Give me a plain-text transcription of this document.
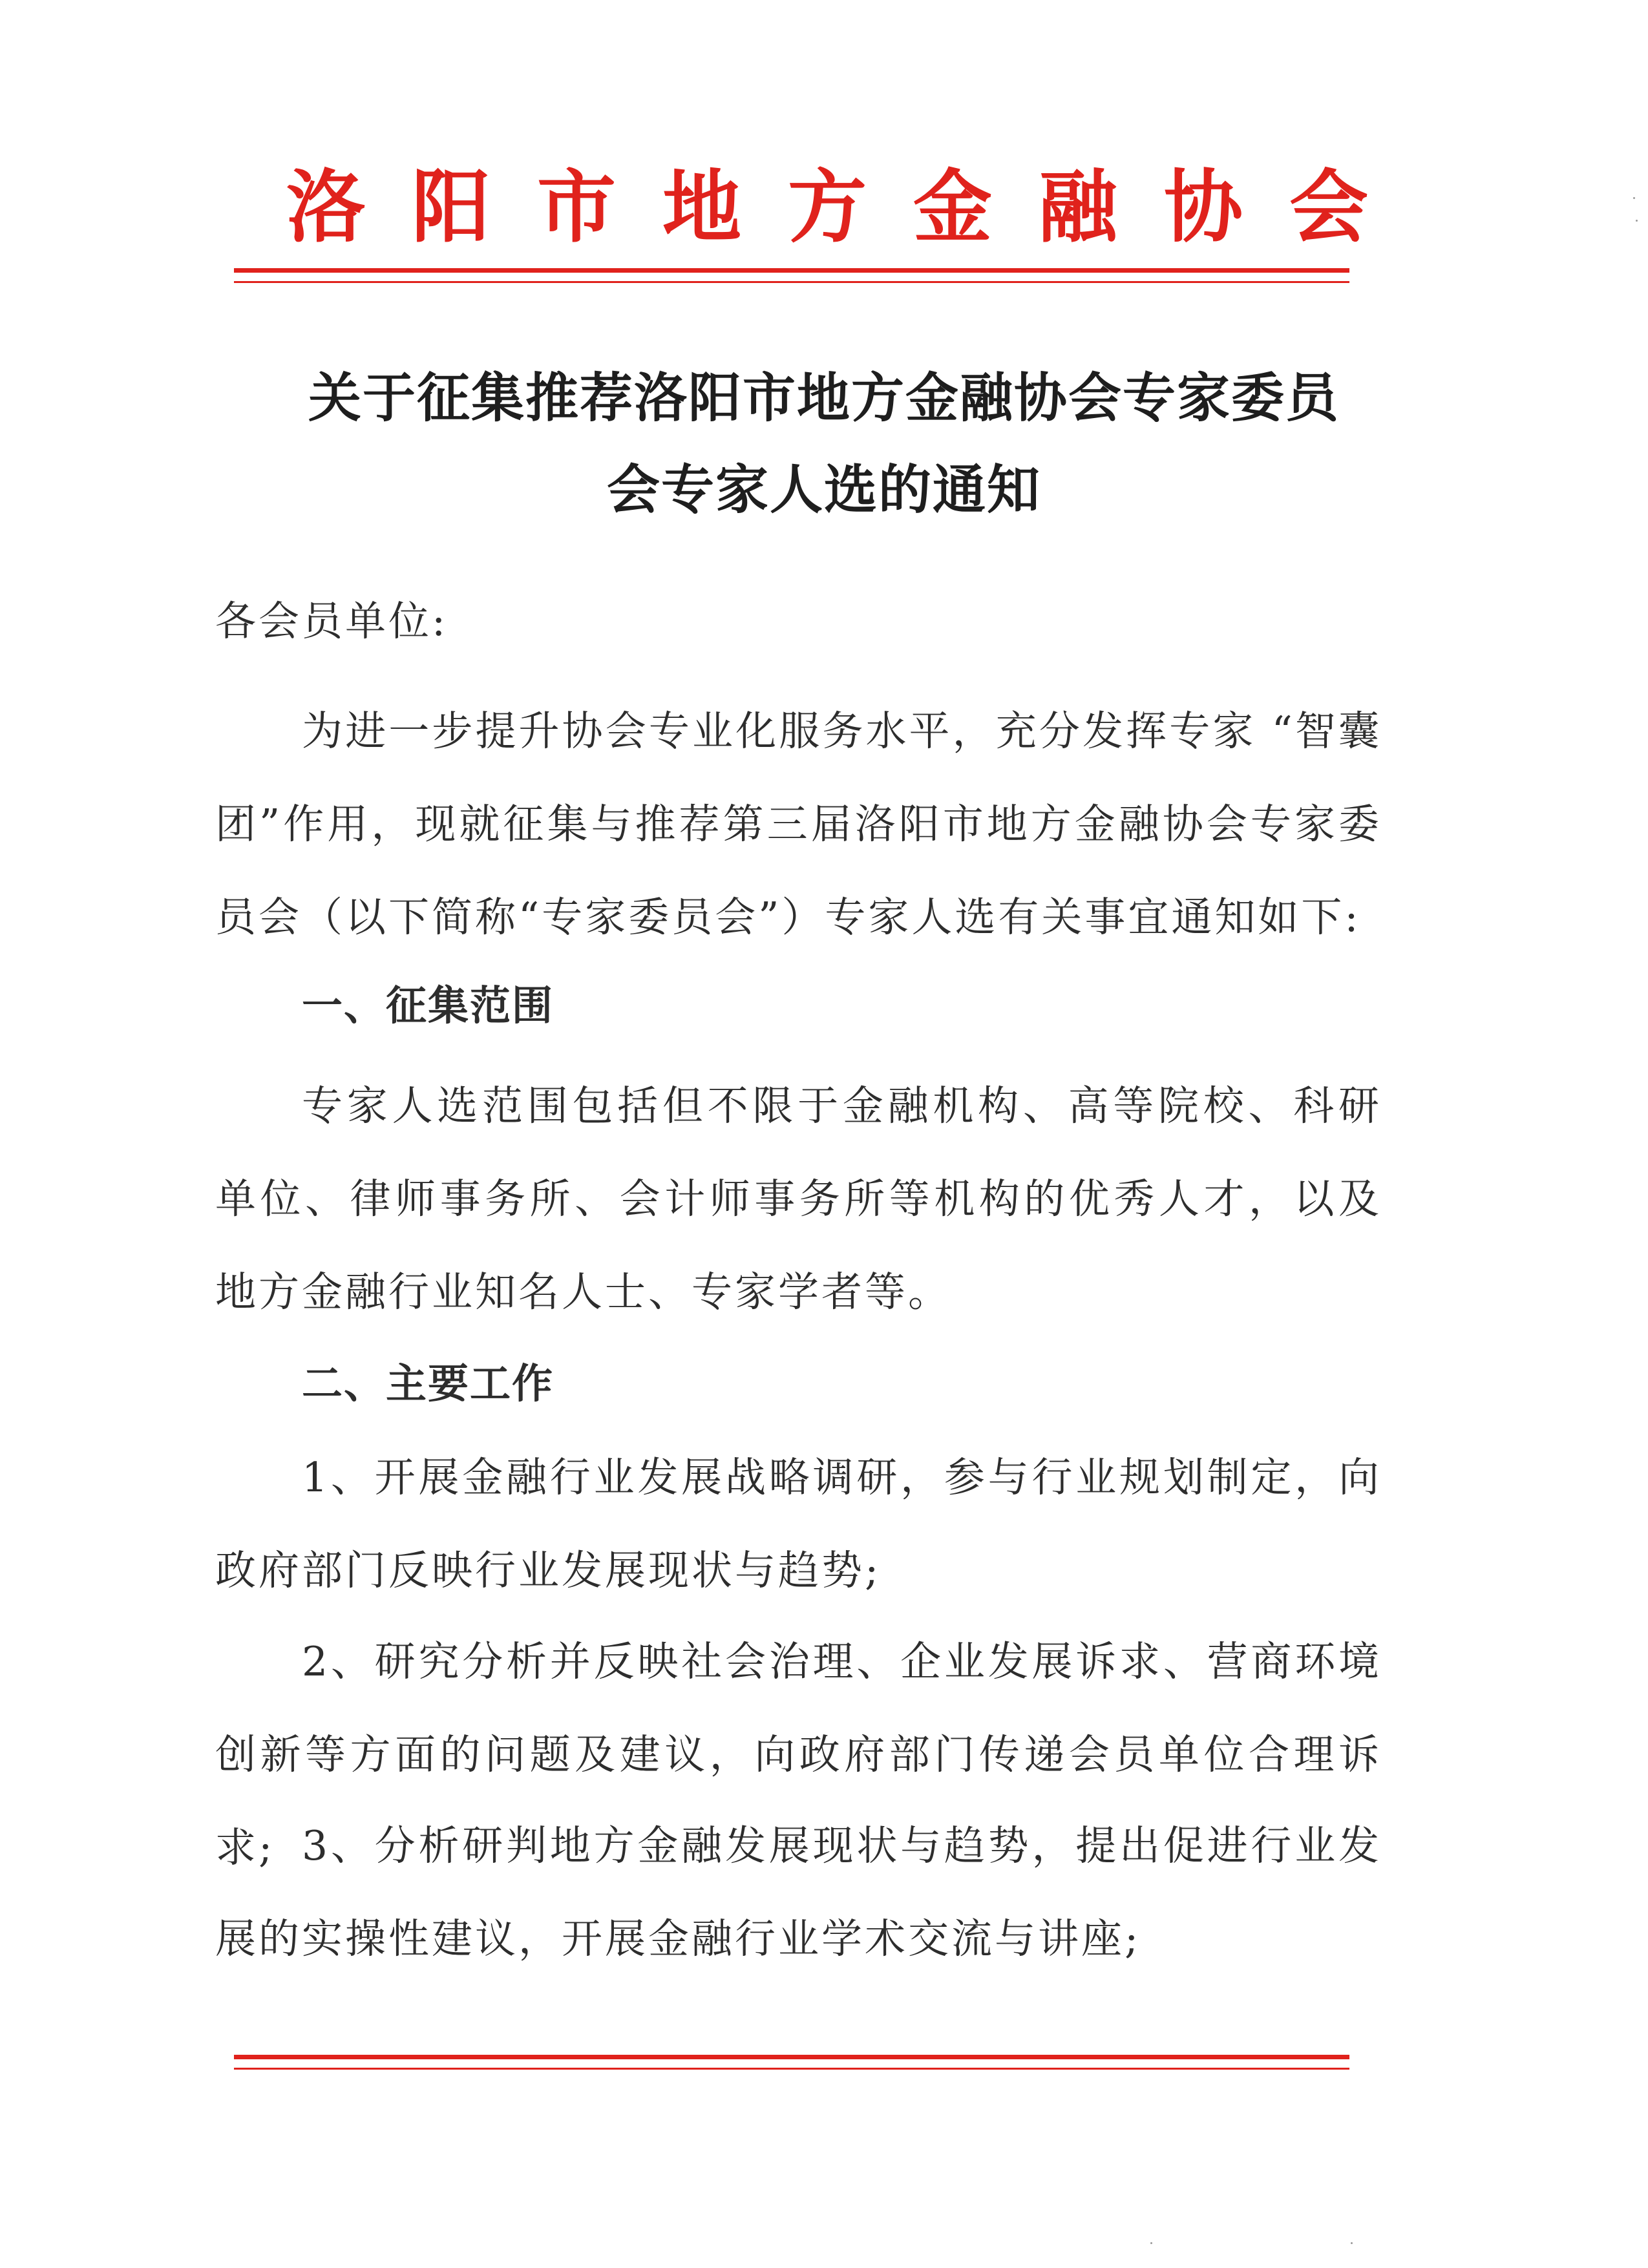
洛阳市地方金融协会
关于征集推荐洛阳市地方金融协会专家委员
会专家人选的通知

各会员单位:

为进一步提升协会专业化服务水平，充分发挥专家 “智囊团”作用，现就征集与推荐第三届洛阳市地方金融协会专家委员会（以下简称“专家委员会”）专家人选有关事宜通知如下:

一、征集范围

专家人选范围包括但不限于金融机构、高等院校、科研单位、律师事务所、会计师事务所等机构的优秀人才，以及地方金融行业知名人士、专家学者等。

二、主要工作

1、开展金融行业发展战略调研，参与行业规划制定，向政府部门反映行业发展现状与趋势;

2、研究分析并反映社会治理、企业发展诉求、营商环境创新等方面的问题及建议，向政府部门传递会员单位合理诉求; 3、分析研判地方金融发展现状与趋势，提出促进行业发展的实操性建议，开展金融行业学术交流与讲座;
